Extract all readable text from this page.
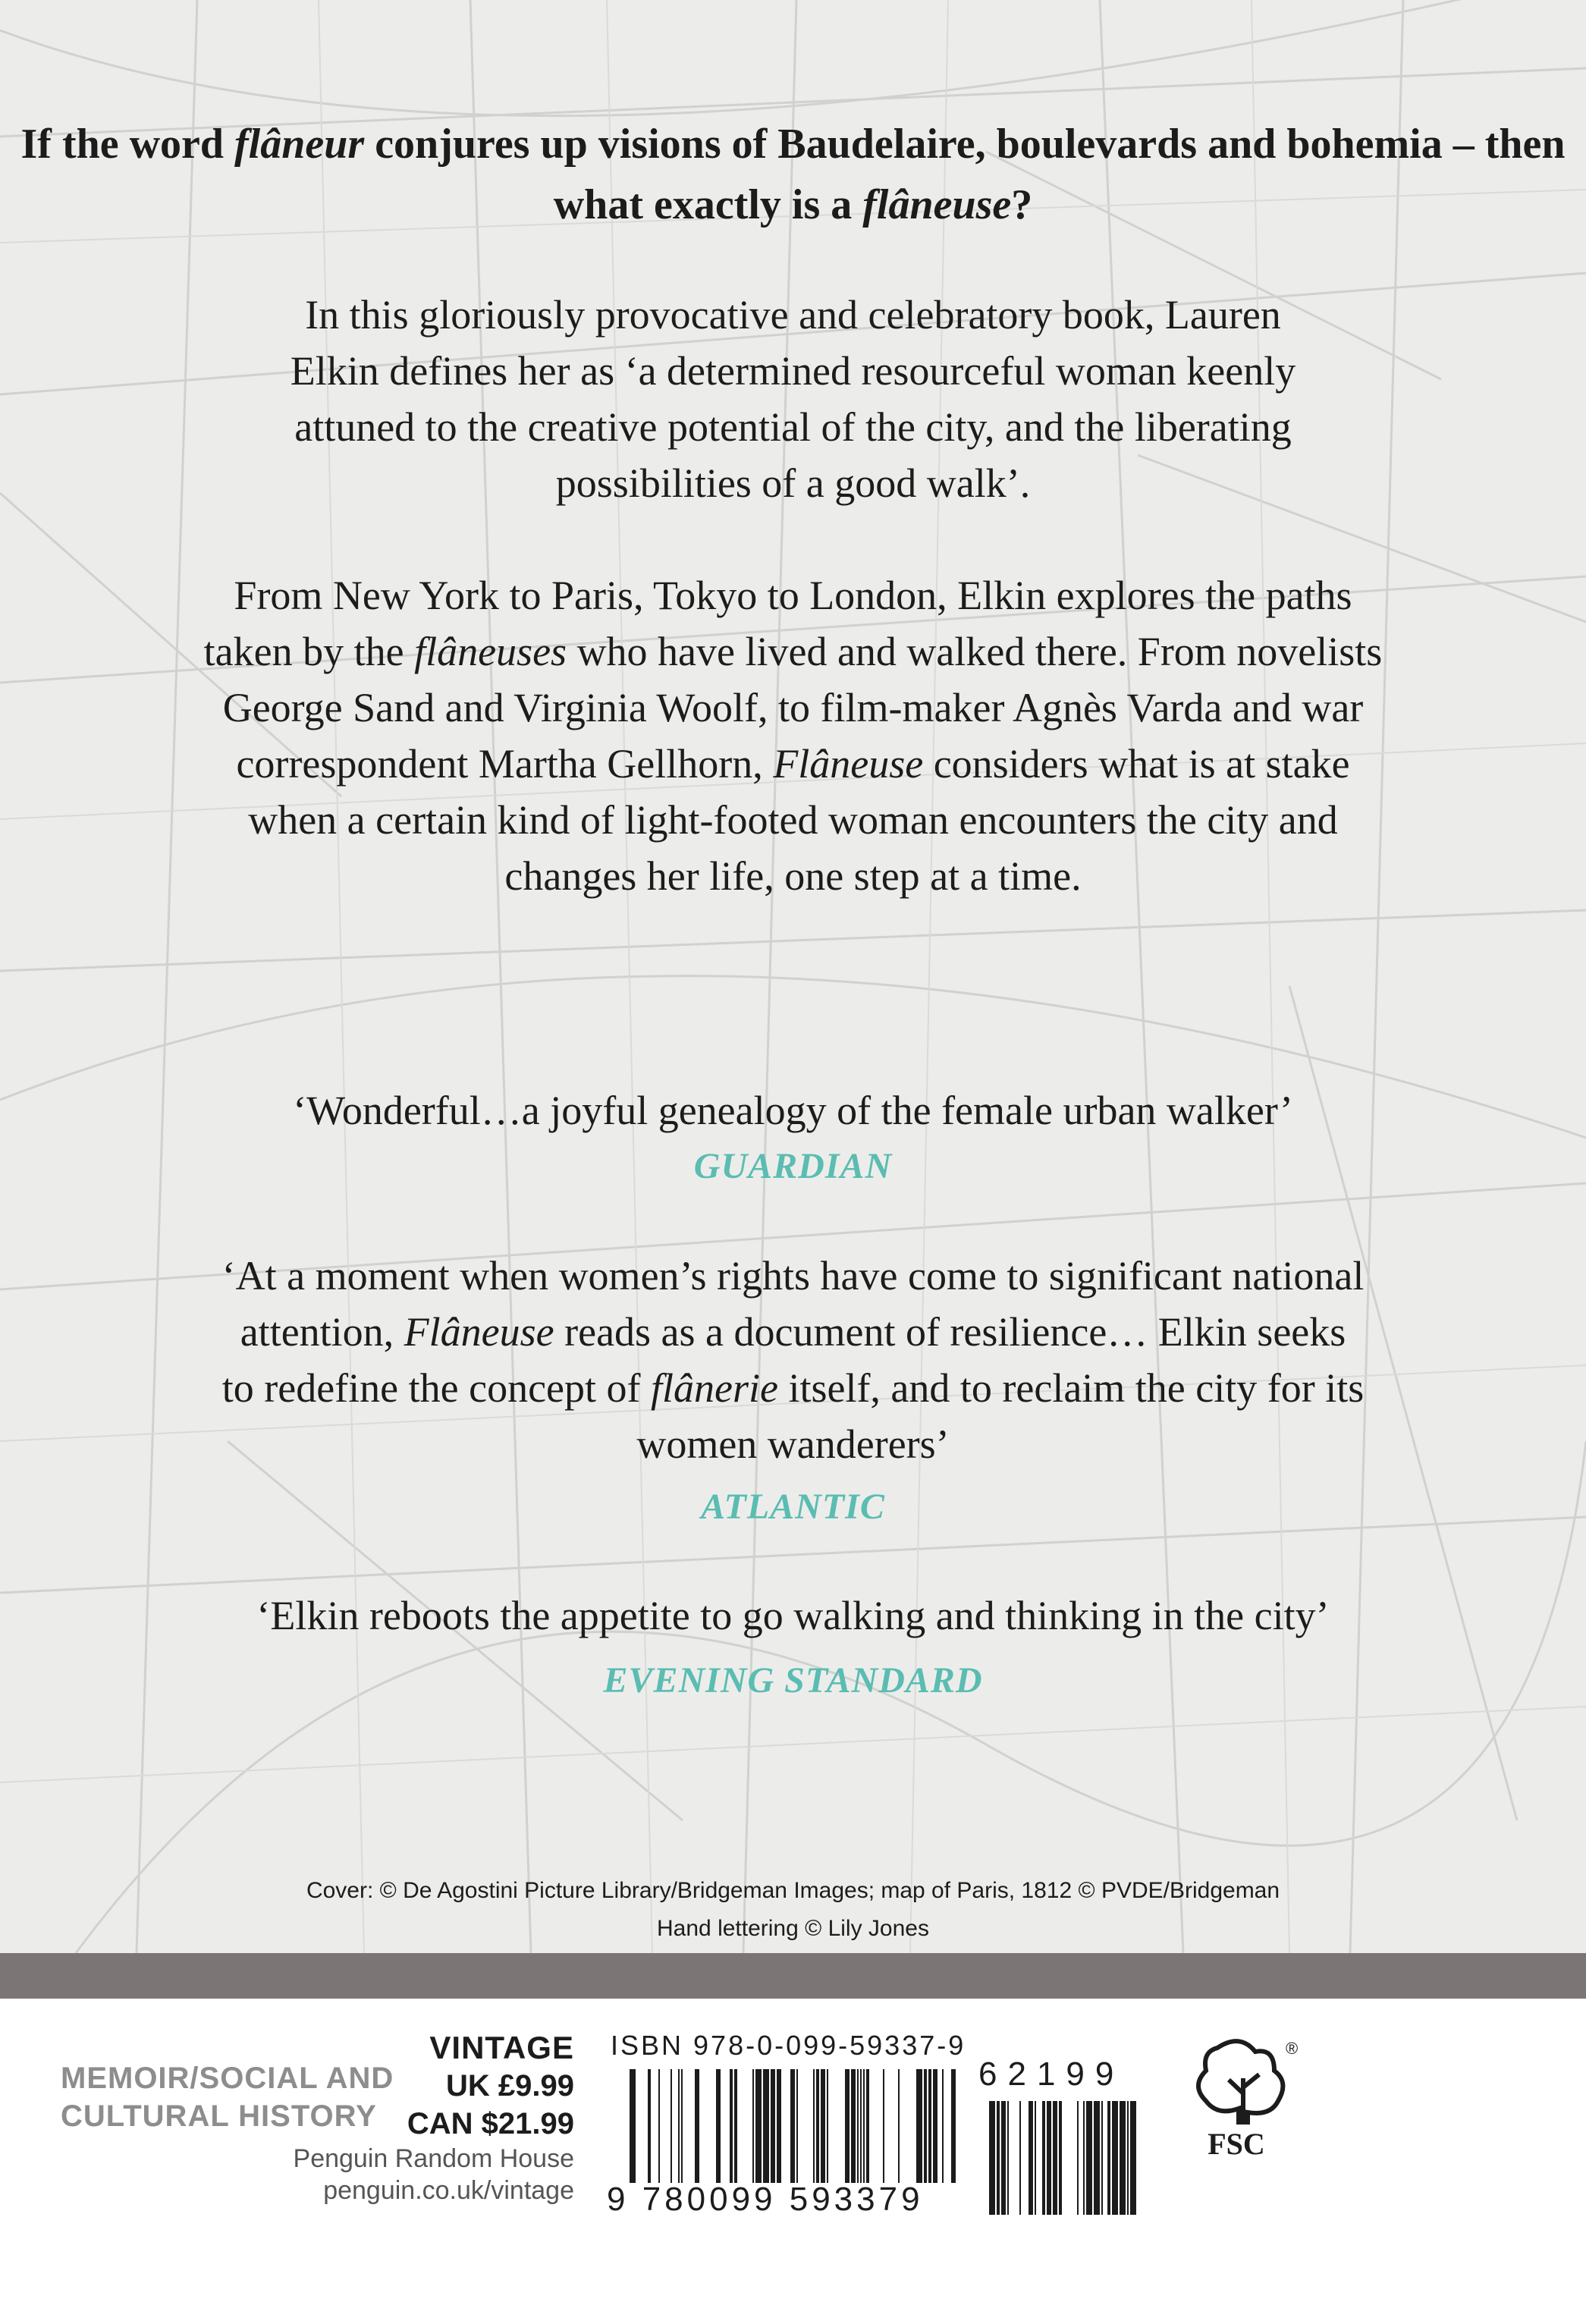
If the word flâneur conjures up visions of Baudelaire, boulevards and bohemia – then what exactly is a flâneuse?
In this gloriously provocative and celebratory book, Lauren Elkin defines her as ‘a determined resourceful woman keenly attuned to the creative potential of the city, and the liberating possibilities of a good walk’.
From New York to Paris, Tokyo to London, Elkin explores the paths taken by the flâneuses who have lived and walked there. From novelists George Sand and Virginia Woolf, to film-maker Agnès Varda and war correspondent Martha Gellhorn, Flâneuse considers what is at stake when a certain kind of light-footed woman encounters the city and changes her life, one step at a time.
‘Wonderful…a joyful genealogy of the female urban walker’
GUARDIAN
‘At a moment when women’s rights have come to significant national attention, Flâneuse reads as a document of resilience… Elkin seeks to redefine the concept of flânerie itself, and to reclaim the city for its women wanderers’
ATLANTIC
‘Elkin reboots the appetite to go walking and thinking in the city’
EVENING STANDARD
Cover: © De Agostini Picture Library/Bridgeman Images; map of Paris, 1812 © PVDE/Bridgeman
Hand lettering © Lily Jones
MEMOIR/SOCIAL AND
CULTURAL HISTORY
VINTAGE
UK £9.99
CAN $21.99
Penguin Random House
penguin.co.uk/vintage
ISBN 978-0-099-59337-9
9 780099 593379
62199
FSC
®
